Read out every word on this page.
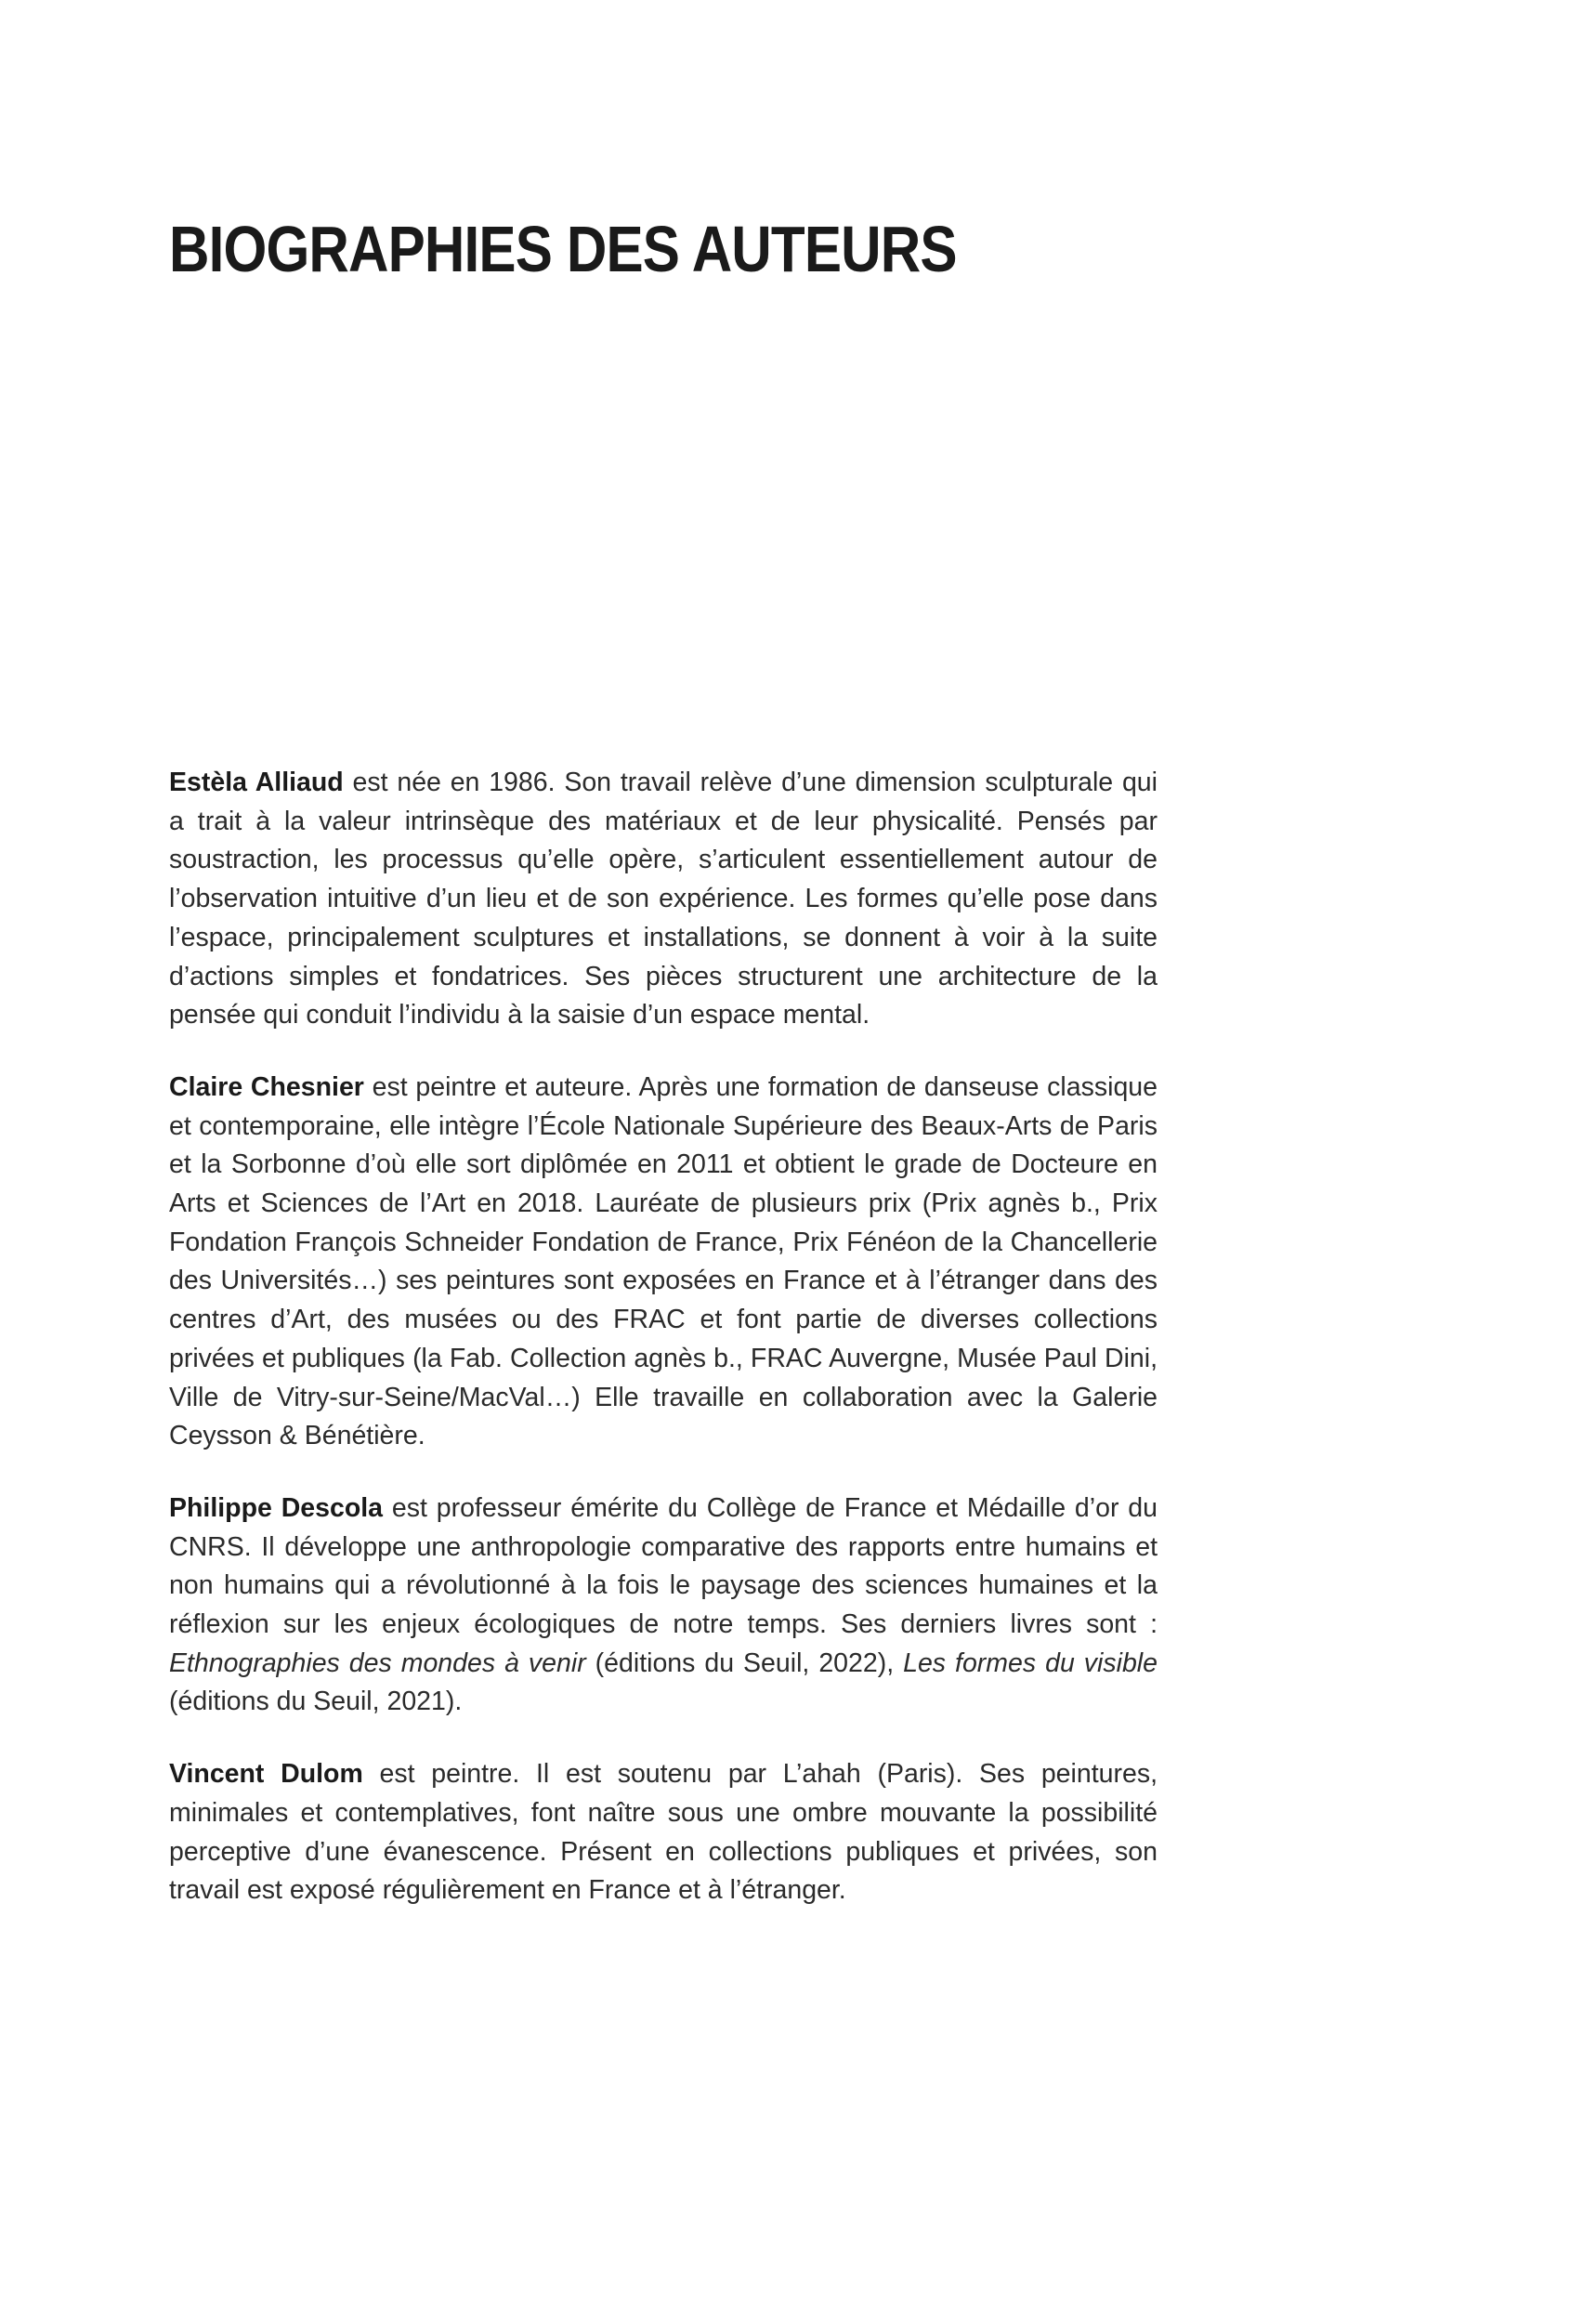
BIOGRAPHIES DES AUTEURS

Estèla Alliaud est née en 1986. Son travail relève d’une dimension sculpturale qui a trait à la valeur intrinsèque des matériaux et de leur physicalité. Pensés par soustraction, les processus qu’elle opère, s’articulent essentiellement autour de l’observation intuitive d’un lieu et de son expérience. Les formes qu’elle pose dans l’espace, principalement sculptures et installations, se donnent à voir à la suite d’actions simples et fondatrices. Ses pièces structurent une architecture de la pensée qui conduit l’individu à la saisie d’un espace mental.

Claire Chesnier est peintre et auteure. Après une formation de danseuse classique et contemporaine, elle intègre l’École Nationale Supérieure des Beaux-Arts de Paris et la Sorbonne d’où elle sort diplômée en 2011 et obtient le grade de Docteure en Arts et Sciences de l’Art en 2018. Lauréate de plusieurs prix (Prix agnès b., Prix Fondation François Schneider Fondation de France, Prix Fénéon de la Chancellerie des Universités…) ses peintures sont exposées en France et à l’étranger dans des centres d’Art, des musées ou des FRAC et font partie de diverses collections privées et publiques (la Fab. Collection agnès b., FRAC Auvergne, Musée Paul Dini, Ville de Vitry-sur-Seine/MacVal…) Elle travaille en collaboration avec la Galerie Ceysson & Bénétière.

Philippe Descola est professeur émérite du Collège de France et Médaille d’or du CNRS. Il développe une anthropologie comparative des rapports entre humains et non humains qui a révolutionné à la fois le paysage des sciences humaines et la réflexion sur les enjeux écologiques de notre temps. Ses derniers livres sont : Ethnographies des mondes à venir (éditions du Seuil, 2022), Les formes du visible (éditions du Seuil, 2021).

Vincent Dulom est peintre. Il est soutenu par L’ahah (Paris). Ses peintures, minimales et contemplatives, font naître sous une ombre mouvante la possibilité perceptive d’une évanescence. Présent en collections publiques et privées, son travail est exposé régulièrement en France et à l’étranger.
